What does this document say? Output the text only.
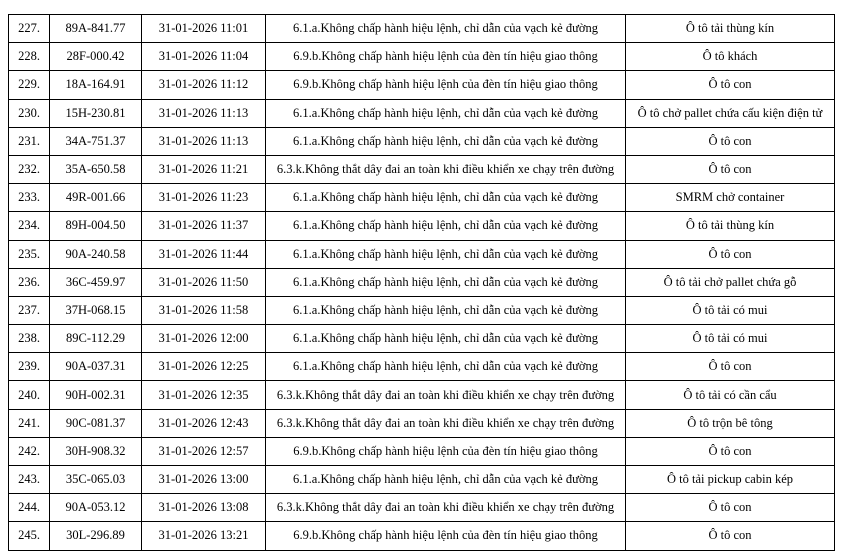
227.	89A-841.77	31-01-2026 11:01	6.1.a.Không chấp hành hiệu lệnh, chỉ dẫn của vạch kẻ đường	Ô tô tải thùng kín
228.	28F-000.42	31-01-2026 11:04	6.9.b.Không chấp hành hiệu lệnh của đèn tín hiệu giao thông	Ô tô khách
229.	18A-164.91	31-01-2026 11:12	6.9.b.Không chấp hành hiệu lệnh của đèn tín hiệu giao thông	Ô tô con
230.	15H-230.81	31-01-2026 11:13	6.1.a.Không chấp hành hiệu lệnh, chỉ dẫn của vạch kẻ đường	Ô tô chở pallet chứa cấu kiện điện tử
231.	34A-751.37	31-01-2026 11:13	6.1.a.Không chấp hành hiệu lệnh, chỉ dẫn của vạch kẻ đường	Ô tô con
232.	35A-650.58	31-01-2026 11:21	6.3.k.Không thắt dây đai an toàn khi điều khiển xe chạy trên đường	Ô tô con
233.	49R-001.66	31-01-2026 11:23	6.1.a.Không chấp hành hiệu lệnh, chỉ dẫn của vạch kẻ đường	SMRM chở container
234.	89H-004.50	31-01-2026 11:37	6.1.a.Không chấp hành hiệu lệnh, chỉ dẫn của vạch kẻ đường	Ô tô tải thùng kín
235.	90A-240.58	31-01-2026 11:44	6.1.a.Không chấp hành hiệu lệnh, chỉ dẫn của vạch kẻ đường	Ô tô con
236.	36C-459.97	31-01-2026 11:50	6.1.a.Không chấp hành hiệu lệnh, chỉ dẫn của vạch kẻ đường	Ô tô tải chở pallet chứa gỗ
237.	37H-068.15	31-01-2026 11:58	6.1.a.Không chấp hành hiệu lệnh, chỉ dẫn của vạch kẻ đường	Ô tô tải có mui
238.	89C-112.29	31-01-2026 12:00	6.1.a.Không chấp hành hiệu lệnh, chỉ dẫn của vạch kẻ đường	Ô tô tải có mui
239.	90A-037.31	31-01-2026 12:25	6.1.a.Không chấp hành hiệu lệnh, chỉ dẫn của vạch kẻ đường	Ô tô con
240.	90H-002.31	31-01-2026 12:35	6.3.k.Không thắt dây đai an toàn khi điều khiển xe chạy trên đường	Ô tô tải có cần cẩu
241.	90C-081.37	31-01-2026 12:43	6.3.k.Không thắt dây đai an toàn khi điều khiển xe chạy trên đường	Ô tô trộn bê tông
242.	30H-908.32	31-01-2026 12:57	6.9.b.Không chấp hành hiệu lệnh của đèn tín hiệu giao thông	Ô tô con
243.	35C-065.03	31-01-2026 13:00	6.1.a.Không chấp hành hiệu lệnh, chỉ dẫn của vạch kẻ đường	Ô tô tải pickup cabin kép
244.	90A-053.12	31-01-2026 13:08	6.3.k.Không thắt dây đai an toàn khi điều khiển xe chạy trên đường	Ô tô con
245.	30L-296.89	31-01-2026 13:21	6.9.b.Không chấp hành hiệu lệnh của đèn tín hiệu giao thông	Ô tô con
